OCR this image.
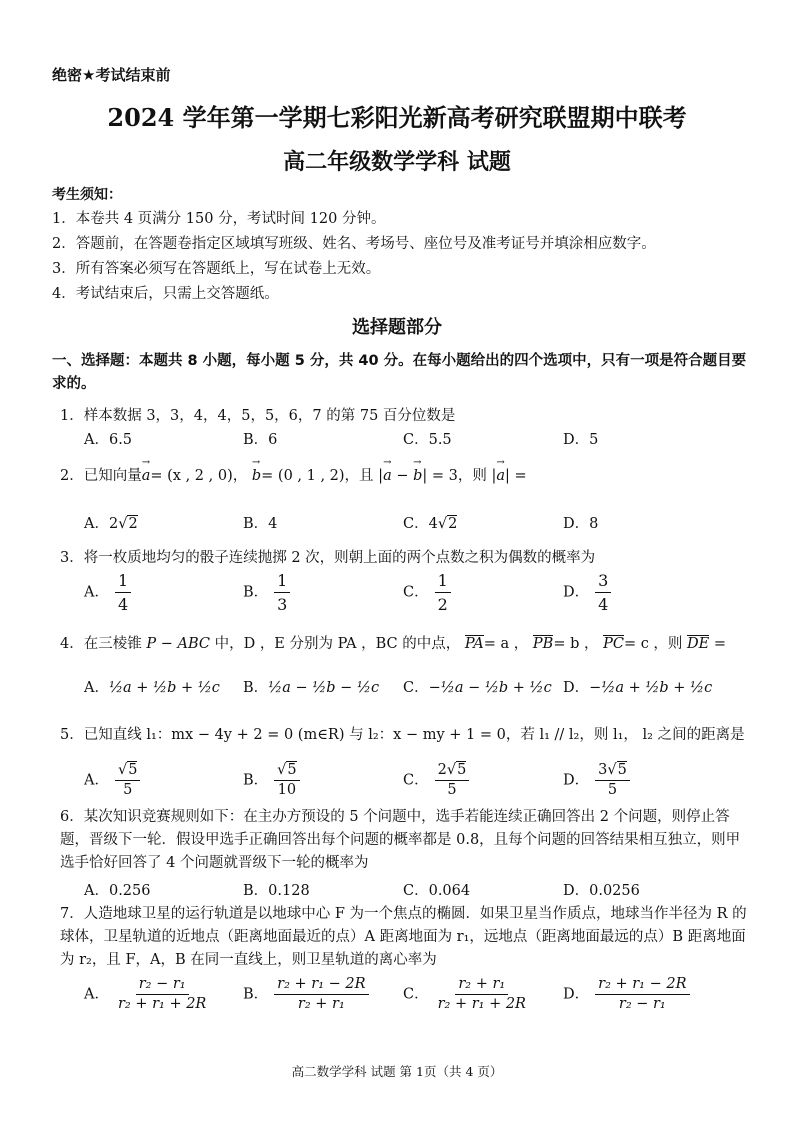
绝密★考试结束前
2024 学年第一学期七彩阳光新高考研究联盟期中联考
高二年级数学学科 试题
考生须知：
1．本卷共 4 页满分 150 分，考试时间 120 分钟。
2．答题前，在答题卷指定区域填写班级、姓名、考场号、座位号及准考证号并填涂相应数字。
3．所有答案必须写在答题纸上，写在试卷上无效。
4．考试结束后，只需上交答题纸。
选择题部分
一、选择题：本题共 8 小题，每小题 5 分，共 40 分。在每小题给出的四个选项中，只有一项是符合题目要求的。
1．样本数据 3，3，4，4，5，5，6，7 的第 75 百分位数是
A．6.5	B．6	C．5.5	D．5
2．已知向量→ a= (x , 2 , 0)， → b= (0 , 1 , 2)，且 |→ a − → b| = 3，则 |→ a| =
A．2√2	B．4	C．4√2	D．8
3．将一枚质地均匀的骰子连续抛掷 2 次，则朝上面的两个点数之积为偶数的概率为
A． $\frac{1}{4}$	B． $\frac{1}{3}$	C． $\frac{1}{2}$	D． $\frac{3}{4}$
4．在三棱锥 P − ABC 中，D ，E 分别为 PA ，BC 的中点， PA= a ， PB= b ， PC= c ，则 DE =
A．½a + ½b + ½c B．½a − ½b − ½c C．−½a − ½b + ½c D．−½a + ½b + ½c
5．已知直线 l₁：mx − 4y + 2 = 0 (m∈R) 与 l₂：x − my + 1 = 0，若 l₁ // l₂，则 l₁， l₂ 之间的距离是
A． $\frac{√5}{5}$	B． $\frac{√5}{10}$	C． $\frac{2√5}{5}$	D． $\frac{3√5}{5}$
6．某次知识竞赛规则如下：在主办方预设的 5 个问题中，选手若能连续正确回答出 2 个问题，则停止答题，晋级下一轮．假设甲选手正确回答出每个问题的概率都是 0.8，且每个问题的回答结果相互独立，则甲选手恰好回答了 4 个问题就晋级下一轮的概率为
A．0.256	B．0.128	C．0.064	D．0.0256
7．人造地球卫星的运行轨道是以地球中心 F 为一个焦点的椭圆．如果卫星当作质点，地球当作半径为 R 的球体，卫星轨道的近地点（距离地面最近的点）A 距离地面为 r₁，远地点（距离地面最远的点）B 距离地面为 r₂，且 F，A，B 在同一直线上，则卫星轨道的离心率为
A． $\frac{\text{r₂ − r₁}}{\text{r₂ + r₁ + 2R}}$ B． $\frac{\text{r₂ + r₁ − 2R}}{\text{r₂ + r₁}}$ C． $\frac{\text{r₂ + r₁}}{\text{r₂ + r₁ + 2R}}$ D． $\frac{\text{r₂ + r₁ − 2R}}{\text{r₂ − r₁}}$
高二数学学科 试题 第 1页（共 4 页）
